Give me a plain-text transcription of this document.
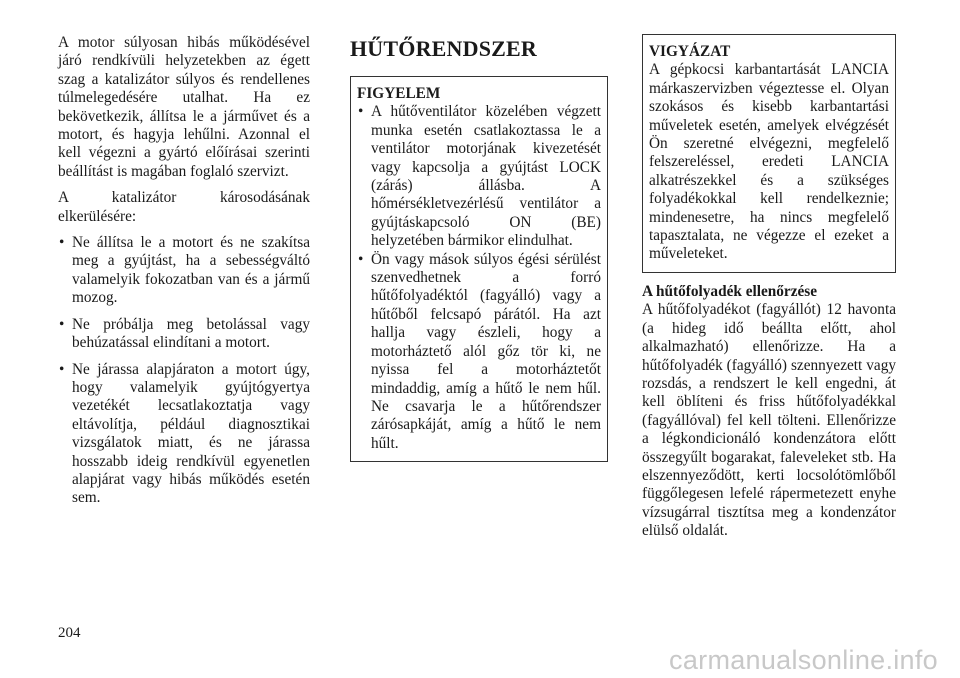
A motor súlyosan hibás működésével járó rendkívüli helyzetekben az égett szag a katalizátor súlyos és rendellenes túlmelegedésére utalhat. Ha ez bekövetkezik, állítsa le a járművet és a motort, és hagyja lehűlni. Azonnal el kell végezni a gyártó előírásai szerinti beállítást is magában foglaló szervizt.

A katalizátor károsodásának elkerülésére:

• Ne állítsa le a motort és ne szakítsa meg a gyújtást, ha a sebességváltó valamelyik fokozatban van és a jármű mozog.
• Ne próbálja meg betolással vagy behúzatással elindítani a motort.
• Ne járassa alapjáraton a motort úgy, hogy valamelyik gyújtógyertya vezetékét lecsatlakoztatja vagy eltávolítja, például diagnosztikai vizsgálatok miatt, és ne járassa hosszabb ideig rendkívül egyenetlen alapjárat vagy hibás működés esetén sem.
HŰTŐRENDSZER
FIGYELEM
• A hűtőventilátor közelében végzett munka esetén csatlakoztassa le a ventilátor motorjának kivezetését vagy kapcsolja a gyújtást LOCK (zárás) állásba. A hőmérsékletvezérlésű ventilátor a gyújtáskapcsoló ON (BE) helyzetében bármikor elindulhat.
• Ön vagy mások súlyos égési sérülést szenvedhetnek a forró hűtőfolyadéktól (fagyálló) vagy a hűtőből felcsapó párától. Ha azt hallja vagy észleli, hogy a motorháztető alól gőz tör ki, ne nyissa fel a motorháztetőt mindaddig, amíg a hűtő le nem hűl. Ne csavarja le a hűtőrendszer zárósapkáját, amíg a hűtő le nem hűlt.
VIGYÁZAT
A gépkocsi karbantartását LANCIA márkaszervizben végeztesse el. Olyan szokásos és kisebb karbantartási műveletek esetén, amelyek elvégzését Ön szeretné elvégezni, megfelelő felszereléssel, eredeti LANCIA alkatrészekkel és a szükséges folyadékokkal kell rendelkeznie; mindenesetre, ha nincs megfelelő tapasztalata, ne végezze el ezeket a műveleteket.
A hűtőfolyadék ellenőrzése

A hűtőfolyadékot (fagyállót) 12 havonta (a hideg idő beállta előtt, ahol alkalmazható) ellenőrizze. Ha a hűtőfolyadék (fagyálló) szennyezett vagy rozsdás, a rendszert le kell engedni, át kell öblíteni és friss hűtőfolyadékkal (fagyállóval) fel kell tölteni. Ellenőrizze a légkondicionáló kondenzátora előtt összegyűlt bogarakat, faleveleket stb. Ha elszennyeződött, kerti locsolótömlőből függőlegesen lefelé rápermetezett enyhe vízsugárral tisztítsa meg a kondenzátor elülső oldalát.

204
carmanualsonline.info
